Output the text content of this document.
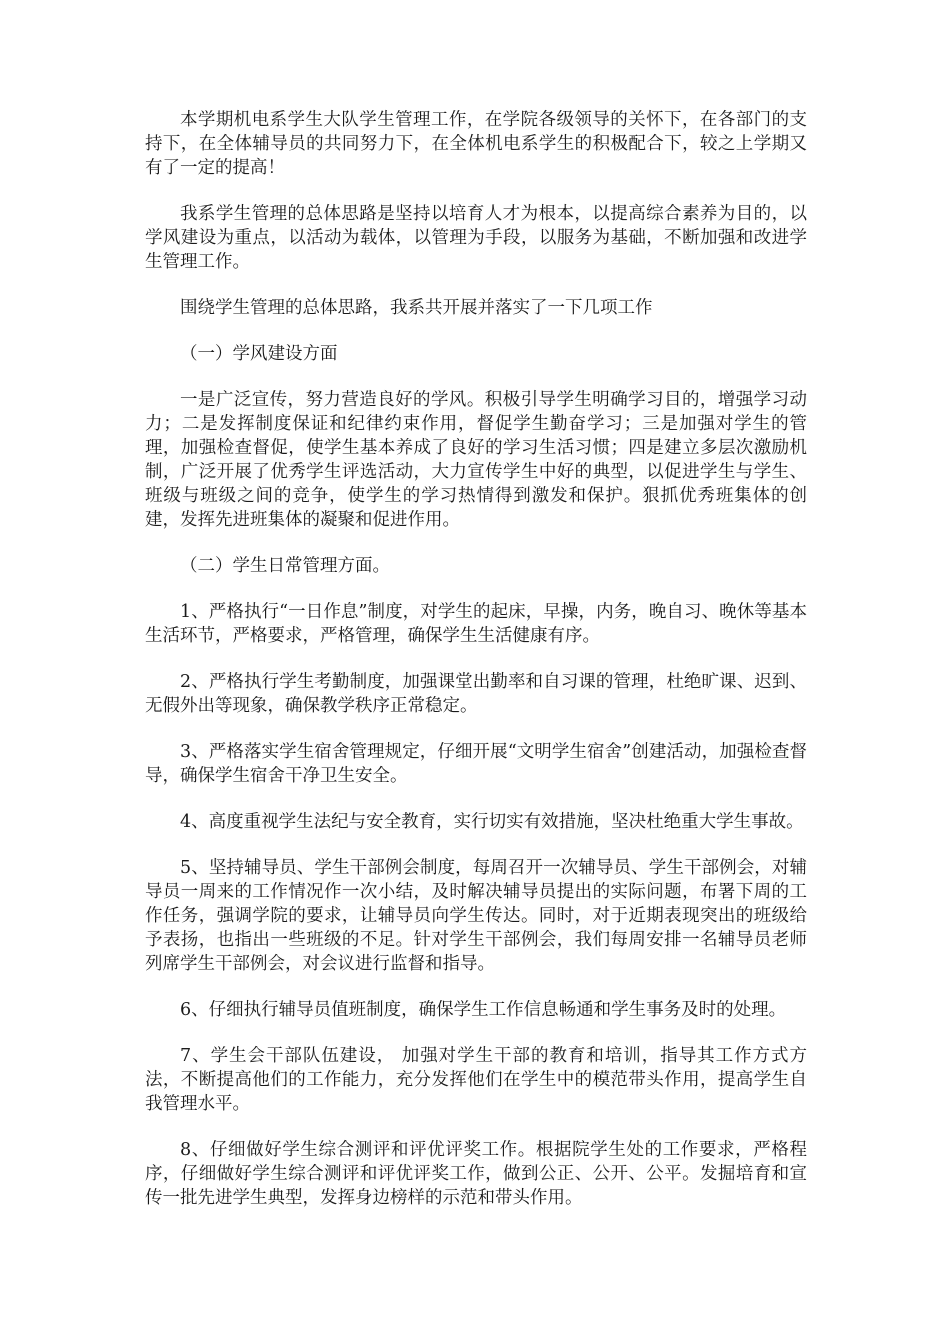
本学期机电系学生大队学生管理工作，在学院各级领导的关怀下，在各部门的支持下，在全体辅导员的共同努力下，在全体机电系学生的积极配合下，较之上学期又有了一定的提高！

我系学生管理的总体思路是坚持以培育人才为根本，以提高综合素养为目的，以学风建设为重点，以活动为载体，以管理为手段，以服务为基础，不断加强和改进学生管理工作。

围绕学生管理的总体思路，我系共开展并落实了一下几项工作

（一）学风建设方面

一是广泛宣传，努力营造良好的学风。积极引导学生明确学习目的，增强学习动力；二是发挥制度保证和纪律约束作用，督促学生勤奋学习；三是加强对学生的管理，加强检查督促，使学生基本养成了良好的学习生活习惯；四是建立多层次激励机制，广泛开展了优秀学生评选活动，大力宣传学生中好的典型，以促进学生与学生、班级与班级之间的竞争，使学生的学习热情得到激发和保护。狠抓优秀班集体的创建，发挥先进班集体的凝聚和促进作用。

（二）学生日常管理方面。

1、严格执行“一日作息”制度，对学生的起床，早操，内务，晚自习、晚休等基本生活环节，严格要求，严格管理，确保学生生活健康有序。

2、严格执行学生考勤制度，加强课堂出勤率和自习课的管理，杜绝旷课、迟到、无假外出等现象，确保教学秩序正常稳定。

3、严格落实学生宿舍管理规定，仔细开展“文明学生宿舍”创建活动，加强检查督导，确保学生宿舍干净卫生安全。

4、高度重视学生法纪与安全教育，实行切实有效措施，坚决杜绝重大学生事故。

5、坚持辅导员、学生干部例会制度，每周召开一次辅导员、学生干部例会，对辅导员一周来的工作情况作一次小结，及时解决辅导员提出的实际问题，布署下周的工作任务，强调学院的要求，让辅导员向学生传达。同时，对于近期表现突出的班级给予表扬，也指出一些班级的不足。针对学生干部例会，我们每周安排一名辅导员老师列席学生干部例会，对会议进行监督和指导。

6、仔细执行辅导员值班制度，确保学生工作信息畅通和学生事务及时的处理。

7、学生会干部队伍建设， 加强对学生干部的教育和培训，指导其工作方式方法，不断提高他们的工作能力，充分发挥他们在学生中的模范带头作用，提高学生自我管理水平。

8、仔细做好学生综合测评和评优评奖工作。根据院学生处的工作要求，严格程序，仔细做好学生综合测评和评优评奖工作，做到公正、公开、公平。发掘培育和宣传一批先进学生典型，发挥身边榜样的示范和带头作用。
